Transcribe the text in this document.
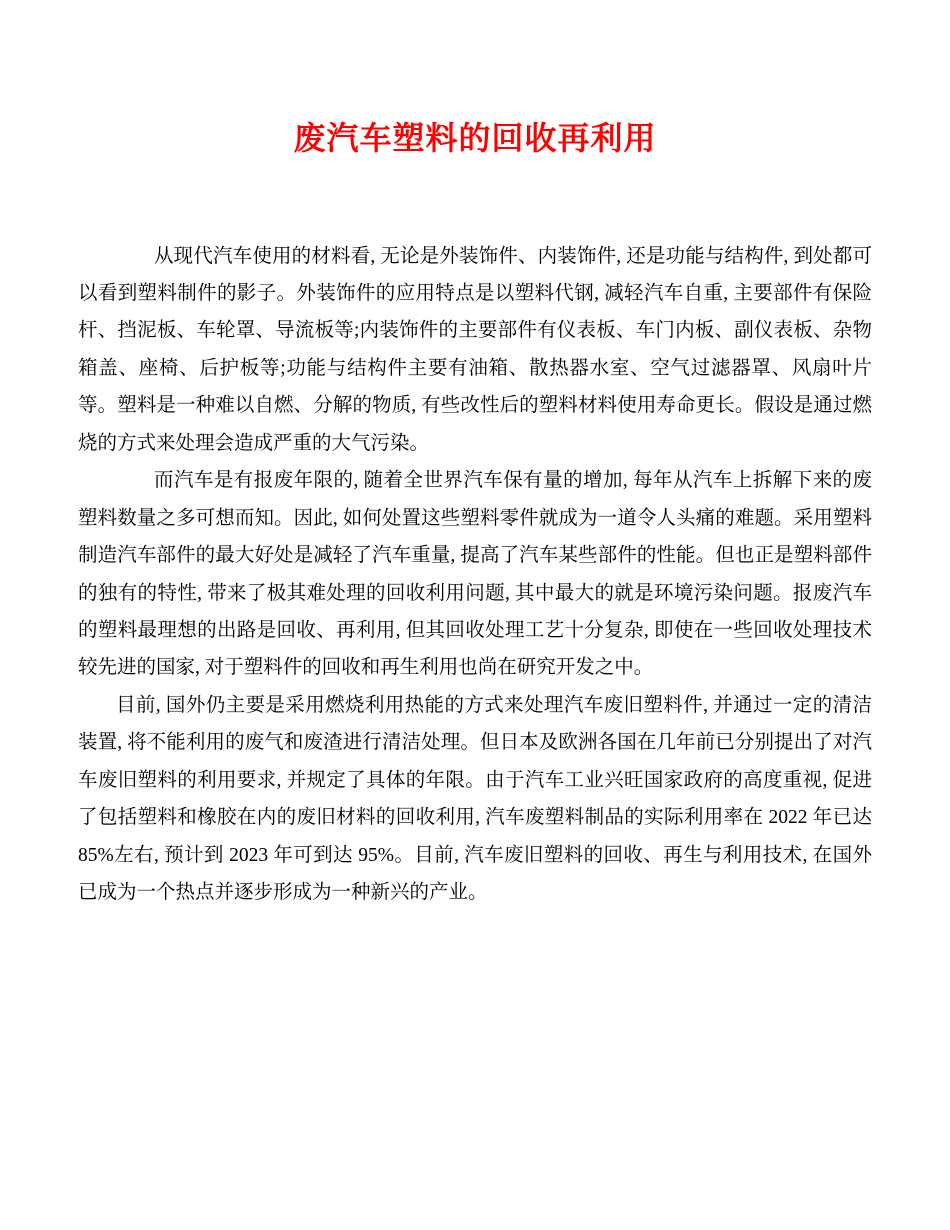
废汽车塑料的回收再利用

从现代汽车使用的材料看, 无论是外装饰件、内装饰件, 还是功能与结构件, 到处都可以看到塑料制件的影子。外装饰件的应用特点是以塑料代钢, 减轻汽车自重, 主要部件有保险杆、挡泥板、车轮罩、导流板等;内装饰件的主要部件有仪表板、车门内板、副仪表板、杂物箱盖、座椅、后护板等;功能与结构件主要有油箱、散热器水室、空气过滤器罩、风扇叶片等。塑料是一种难以自燃、分解的物质, 有些改性后的塑料材料使用寿命更长。假设是通过燃烧的方式来处理会造成严重的大气污染。

而汽车是有报废年限的, 随着全世界汽车保有量的增加, 每年从汽车上拆解下来的废塑料数量之多可想而知。因此, 如何处置这些塑料零件就成为一道令人头痛的难题。采用塑料制造汽车部件的最大好处是减轻了汽车重量, 提高了汽车某些部件的性能。但也正是塑料部件的独有的特性, 带来了极其难处理的回收利用问题, 其中最大的就是环境污染问题。报废汽车的塑料最理想的出路是回收、再利用, 但其回收处理工艺十分复杂, 即使在一些回收处理技术较先进的国家, 对于塑料件的回收和再生利用也尚在研究开发之中。

目前, 国外仍主要是采用燃烧利用热能的方式来处理汽车废旧塑料件, 并通过一定的清洁装置, 将不能利用的废气和废渣进行清洁处理。但日本及欧洲各国在几年前已分别提出了对汽车废旧塑料的利用要求, 并规定了具体的年限。由于汽车工业兴旺国家政府的高度重视, 促进了包括塑料和橡胶在内的废旧材料的回收利用, 汽车废塑料制品的实际利用率在 2022 年已达 85%左右, 预计到 2023 年可到达 95%。目前, 汽车废旧塑料的回收、再生与利用技术, 在国外已成为一个热点并逐步形成为一种新兴的产业。
